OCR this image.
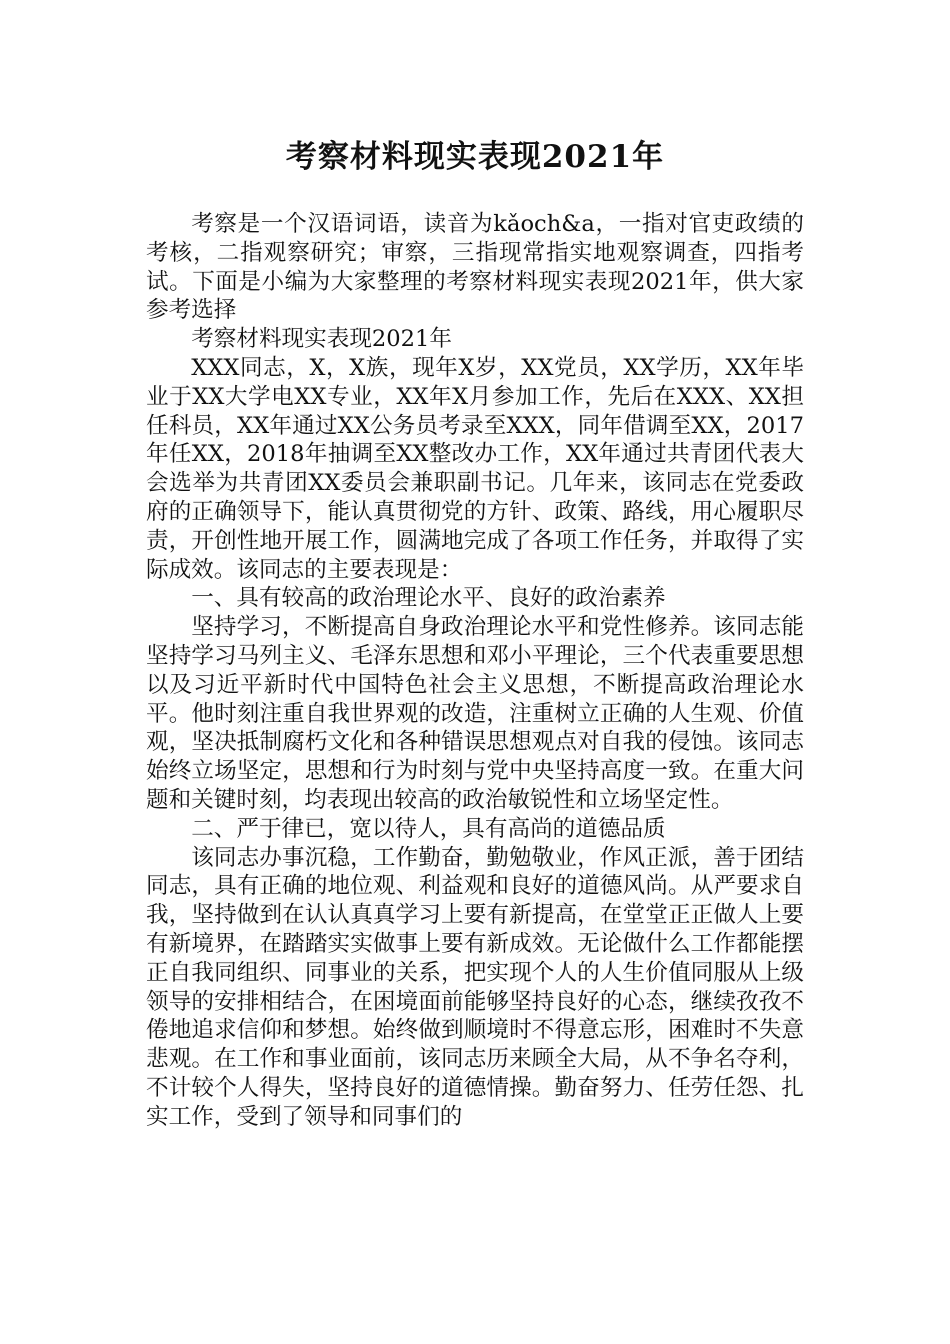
考察材料现实表现2021年

考察是一个汉语词语，读音为kǎoch&a，一指对官吏政绩的考核，二指观察研究；审察，三指现常指实地观察调查，四指考试。下面是小编为大家整理的考察材料现实表现2021年，供大家参考选择

考察材料现实表现2021年

XXX同志，X，X族，现年X岁，XX党员，XX学历，XX年毕业于XX大学电XX专业，XX年X月参加工作，先后在XXX、XX担任科员，XX年通过XX公务员考录至XXX，同年借调至XX，2017年任XX，2018年抽调至XX整改办工作，XX年通过共青团代表大会选举为共青团XX委员会兼职副书记。几年来，该同志在党委政府的正确领导下，能认真贯彻党的方针、政策、路线，用心履职尽责，开创性地开展工作，圆满地完成了各项工作任务，并取得了实际成效。该同志的主要表现是：

一、具有较高的政治理论水平、良好的政治素养

坚持学习，不断提高自身政治理论水平和党性修养。该同志能坚持学习马列主义、毛泽东思想和邓小平理论，三个代表重要思想以及习近平新时代中国特色社会主义思想，不断提高政治理论水平。他时刻注重自我世界观的改造，注重树立正确的人生观、价值观，坚决抵制腐朽文化和各种错误思想观点对自我的侵蚀。该同志始终立场坚定，思想和行为时刻与党中央坚持高度一致。在重大问题和关键时刻，均表现出较高的政治敏锐性和立场坚定性。

二、严于律已，宽以待人，具有高尚的道德品质

该同志办事沉稳，工作勤奋，勤勉敬业，作风正派，善于团结同志，具有正确的地位观、利益观和良好的道德风尚。从严要求自我，坚持做到在认认真真学习上要有新提高，在堂堂正正做人上要有新境界，在踏踏实实做事上要有新成效。无论做什么工作都能摆正自我同组织、同事业的关系，把实现个人的人生价值同服从上级领导的安排相结合，在困境面前能够坚持良好的心态，继续孜孜不倦地追求信仰和梦想。始终做到顺境时不得意忘形，困难时不失意悲观。在工作和事业面前，该同志历来顾全大局，从不争名夺利，不计较个人得失，坚持良好的道德情操。勤奋努力、任劳任怨、扎实工作，受到了领导和同事们的
